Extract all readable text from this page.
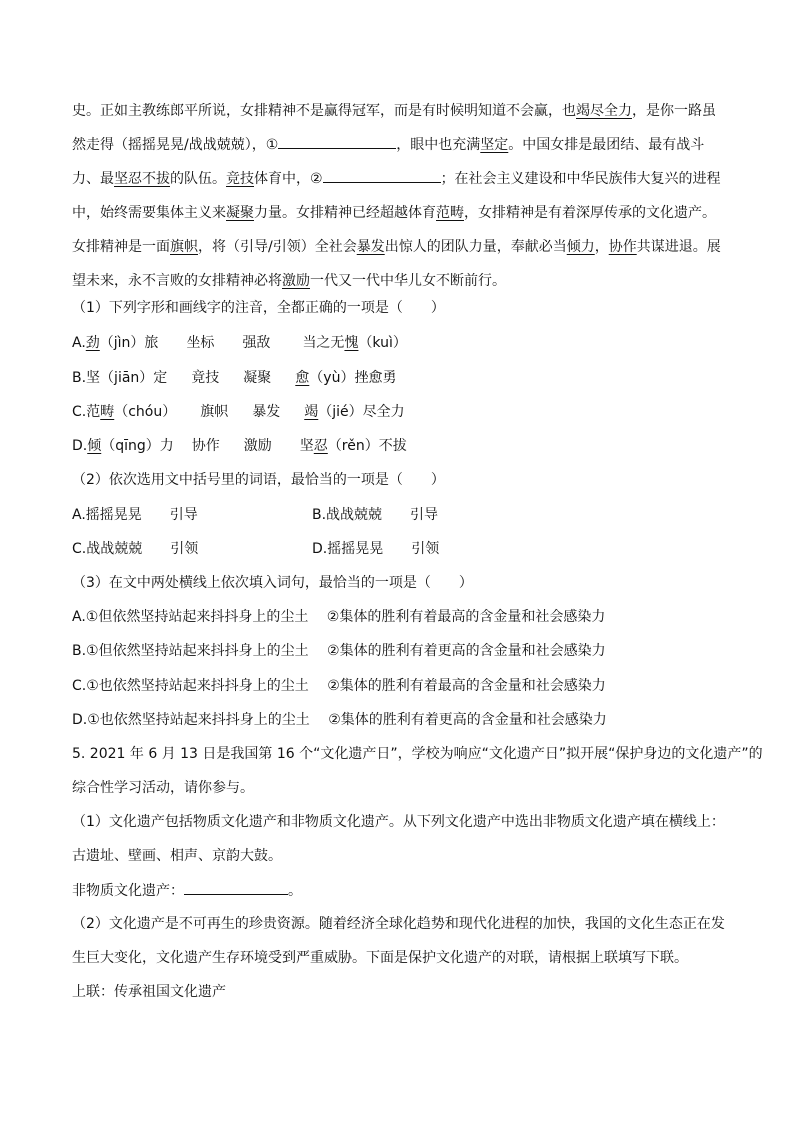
史。正如主教练郎平所说，女排精神不是赢得冠军，而是有时候明知道不会赢，也竭尽全力，是你一路虽然走得（摇摇晃晃/战战兢兢），①	，眼中也充满坚定。中国女排是最团结、最有战斗力、最坚忍不拔的队伍。竞技体育中，②	；在社会主义建设和中华民族伟大复兴的进程中，始终需要集体主义来凝聚力量。女排精神已经超越体育范畴，女排精神是有着深厚传承的文化遗产。女排精神是一面旗帜，将（引导/引领）全社会暴发出惊人的团队力量，奉献必当倾力，协作共谋进退。展望未来，永不言败的女排精神必将激励一代又一代中华儿女不断前行。

（1）下列字形和画线字的注音，全都正确的一项是（　　）
A.劲（jìn）旅 坐标 强敌 当之无愧（kuì）
B.坚（jiān）定 竟技 凝聚 愈（yù）挫愈勇
C.范畴（chóu） 旗帜 暴发 竭（jié）尽全力
D.倾（qīng）力 协作 激励 坚忍（rěn）不拔
（2）依次选用文中括号里的词语，最恰当的一项是（　　）
A.摇摇晃晃　　引导	B.战战兢兢　　引导
C.战战兢兢　　引领	D.摇摇晃晃　　引领
（3）在文中两处横线上依次填入词句，最恰当的一项是（　　）
A.①但依然坚持站起来抖抖身上的尘土　 ②集体的胜利有着最高的含金量和社会感染力
B.①但依然坚持站起来抖抖身上的尘土　 ②集体的胜利有着更高的含金量和社会感染力
C.①也依然坚持站起来抖抖身上的尘土　 ②集体的胜利有着最高的含金量和社会感染力
D.①也依然坚持站起来抖抖身上的尘土　 ②集体的胜利有着更高的含金量和社会感染力
5. 2021 年 6 月 13 日是我国第 16 个“文化遗产日”，学校为响应“文化遗产日”拟开展“保护身边的文化遗产”的
综合性学习活动，请你参与。
（1）文化遗产包括物质文化遗产和非物质文化遗产。从下列文化遗产中选出非物质文化遗产填在横线上：
古遗址、壁画、相声、京韵大鼓。
非物质文化遗产：	。
（2）文化遗产是不可再生的珍贵资源。随着经济全球化趋势和现代化进程的加快，我国的文化生态正在发
生巨大变化，文化遗产生存环境受到严重威胁。下面是保护文化遗产的对联，请根据上联填写下联。
上联：传承祖国文化遗产
